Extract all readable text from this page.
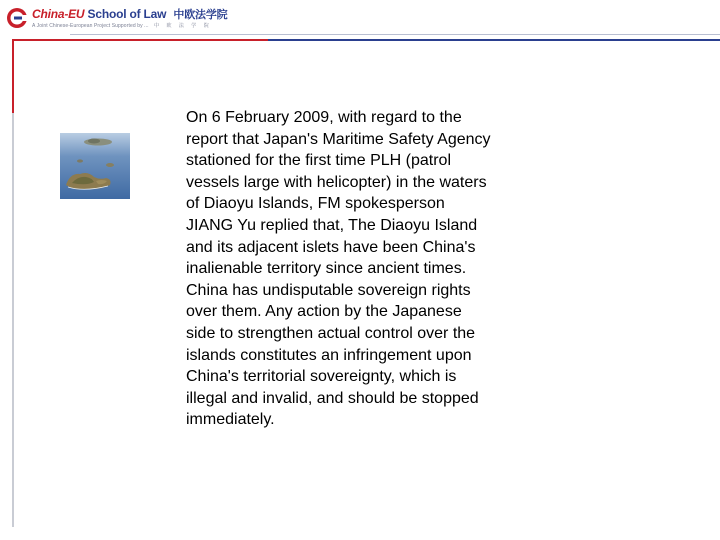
China-EU School of Law 中欧法学院
A Joint Chinese-European Project Supported by ... 中 欧 法 学 院
On 6 February 2009, with regard to the
report that Japan's Maritime Safety Agency
stationed for the first time PLH (patrol
vessels large with helicopter) in the waters
of Diaoyu Islands, FM spokesperson
JIANG Yu replied that, The Diaoyu Island
and its adjacent islets have been China's
inalienable territory since ancient times.
China has undisputable sovereign rights
over them. Any action by the Japanese
side to strengthen actual control over the
islands constitutes an infringement upon
China's territorial sovereignty, which is
illegal and invalid, and should be stopped
immediately.
